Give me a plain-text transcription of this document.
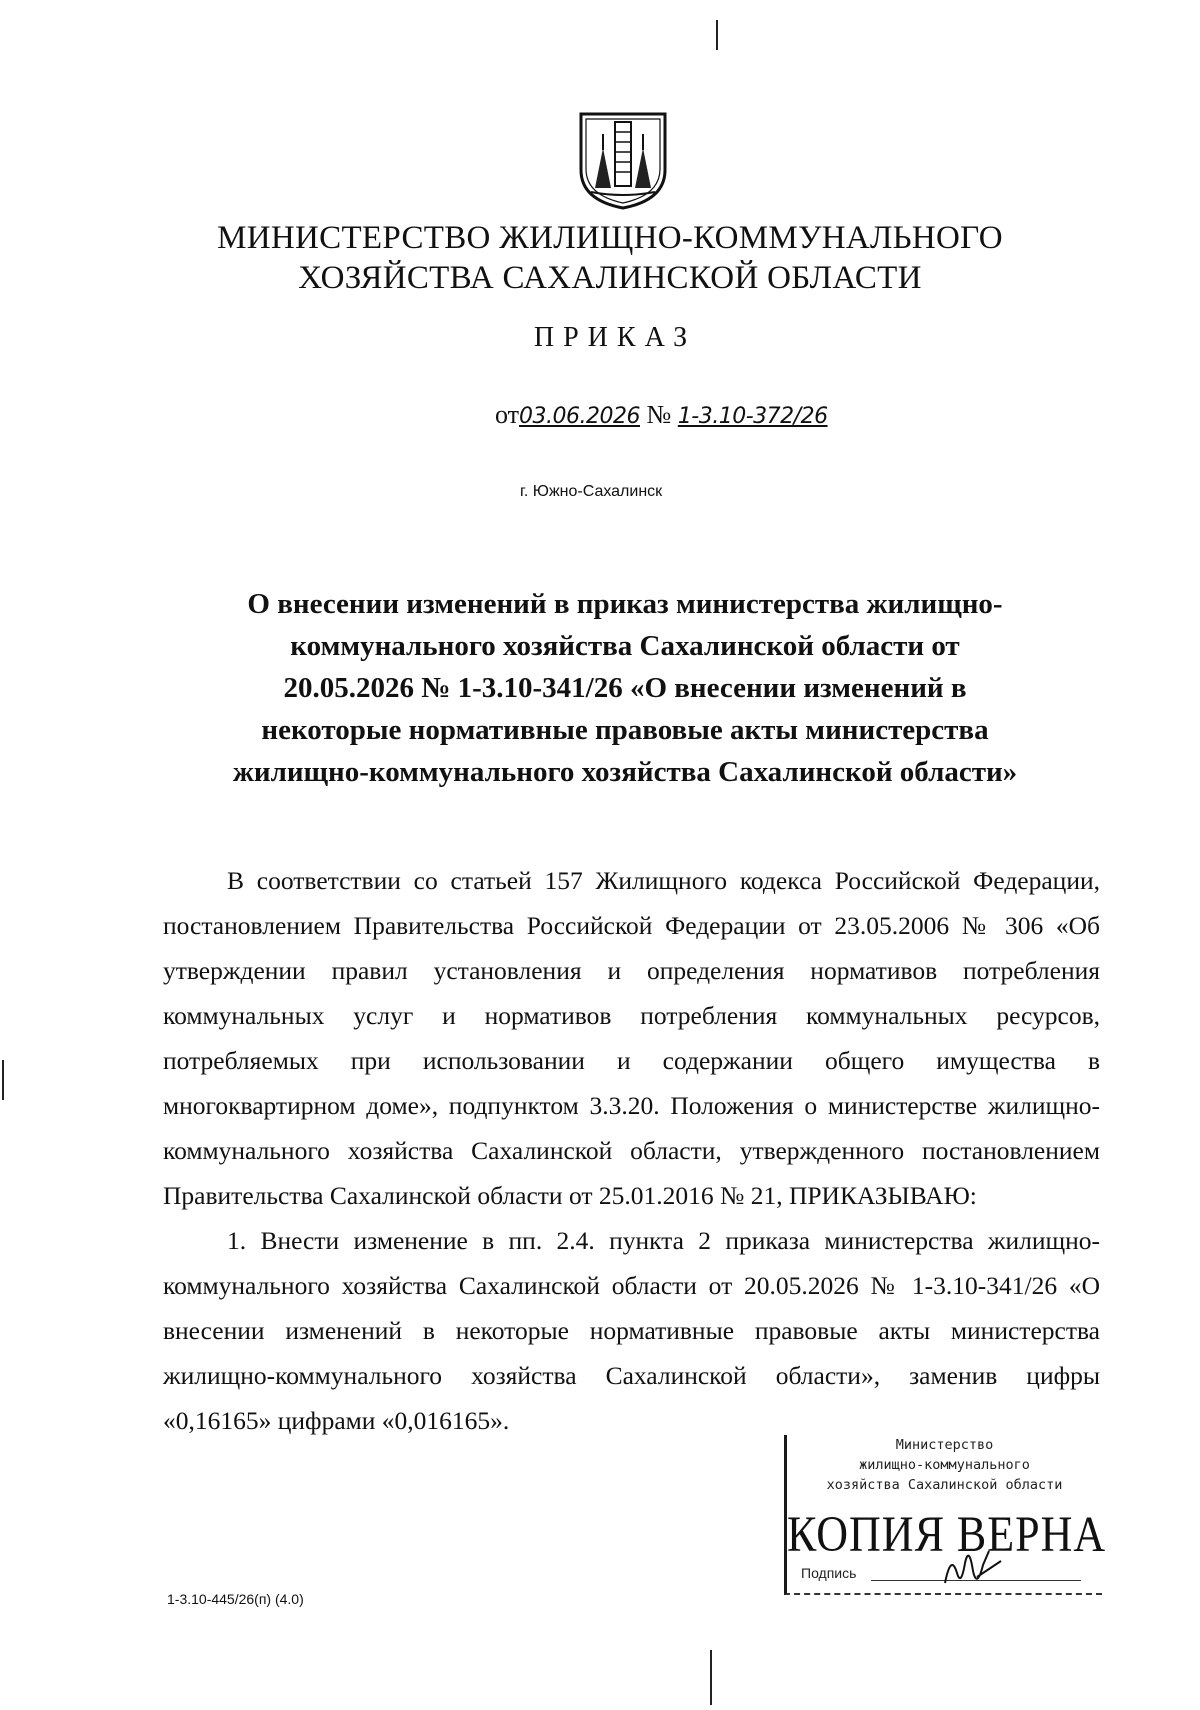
МИНИСТЕРСТВО ЖИЛИЩНО-КОММУНАЛЬНОГО
ХОЗЯЙСТВА САХАЛИНСКОЙ ОБЛАСТИ
ПРИКАЗ
от03.06.2026 № 1-3.10-372/26
г. Южно-Сахалинск
О внесении изменений в приказ министерства жилищно-
коммунального хозяйства Сахалинской области от
20.05.2026 № 1-3.10-341/26 «О внесении изменений в
некоторые нормативные правовые акты министерства
жилищно-коммунального хозяйства Сахалинской области»

В соответствии со статьей 157 Жилищного кодекса Российской Федерации, постановлением Правительства Российской Федерации от 23.05.2006 № 306 «Об утверждении правил установления и определения нормативов потребления коммунальных услуг и нормативов потребления коммунальных ресурсов, потребляемых при использовании и содержании общего имущества в многоквартирном доме», подпунктом 3.3.20. Положения о министерстве жилищно-коммунального хозяйства Сахалинской области, утвержденного постановлением Правительства Сахалинской области от 25.01.2016 № 21, ПРИКАЗЫВАЮ:

1. Внести изменение в пп. 2.4. пункта 2 приказа министерства жилищно-коммунального хозяйства Сахалинской области от 20.05.2026 № 1-3.10-341/26 «О внесении изменений в некоторые нормативные правовые акты министерства жилищно-коммунального хозяйства Сахалинской области», заменив цифры «0,16165» цифрами «0,016165».

1-3.10-445/26(п) (4.0)
Министерство
жилищно-коммунального
хозяйства Сахалинской области
КОПИЯ ВЕРНА
Подпись
